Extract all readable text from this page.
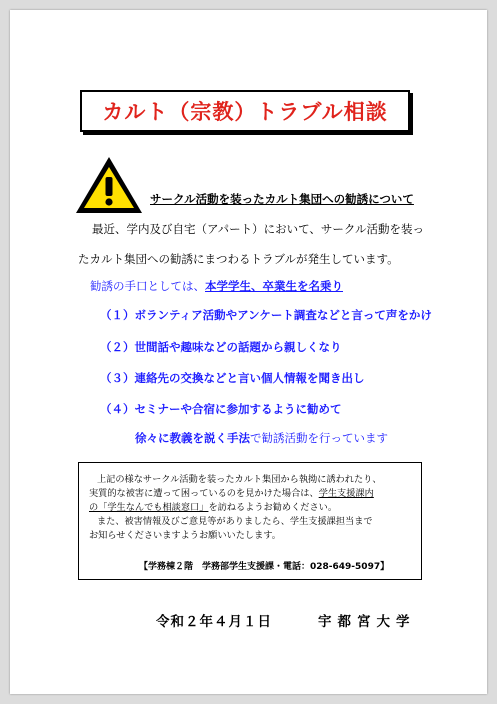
カルト（宗教）トラブル相談
サークル活動を装ったカルト集団への勧誘について
最近、学内及び自宅（アパート）において、サークル活動を装っ
たカルト集団への勧誘にまつわるトラブルが発生しています。
勧誘の手口としては、本学学生、卒業生を名乗り
（１）ボランティア活動やアンケート調査などと言って声をかけ
（２）世間話や趣味などの話題から親しくなり
（３）連絡先の交換などと言い個人情報を聞き出し
（４）セミナーや合宿に参加するように勧めて
徐々に教義を説く手法で勧誘活動を行っています
上記の様なサークル活動を装ったカルト集団から執拗に誘われたり、
実質的な被害に遭って困っているのを見かけた場合は、学生支援課内
の「学生なんでも相談窓口」を訪ねるようお勧めください。
また、被害情報及びご意見等がありましたら、学生支援課担当まで
お知らせくださいますようお願いいたします。
【学務棟２階　学務部学生支援課・電話：028-649-5097】
令和２年４月１日	宇都宮大学
